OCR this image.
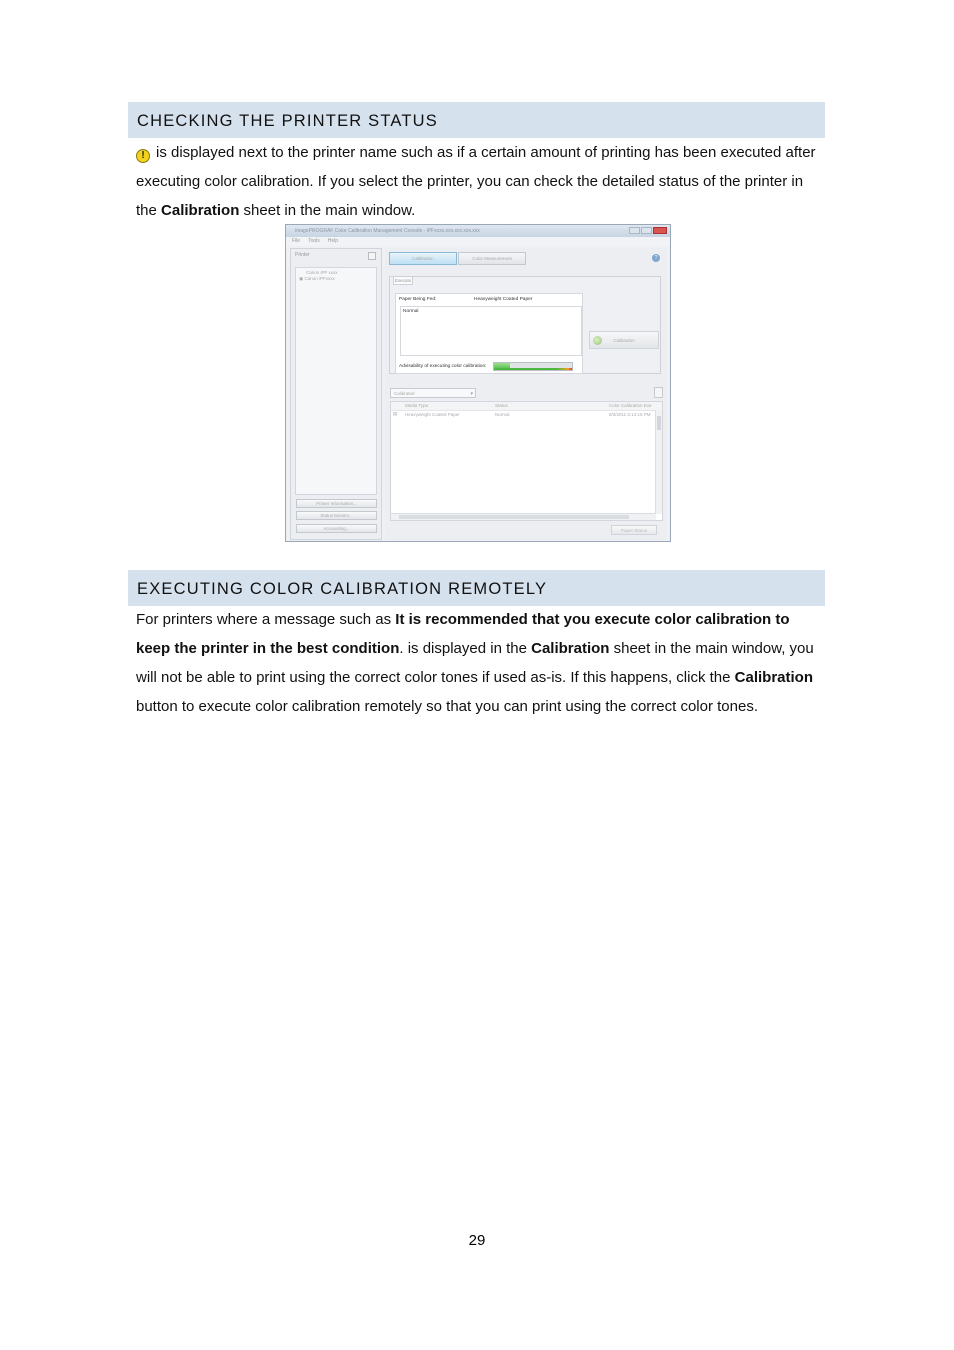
CHECKING THE PRINTER STATUS
! is displayed next to the printer name such as if a certain amount of printing has been executed after executing color calibration. If you select the printer, you can check the detailed status of the printer in the Calibration sheet in the main window.
imagePROGRAF Color Calibration Management Console - iPFxxxx.xxx.xxx.xxx.xxx
File Tools Help
Printer
Canon iPF xxxx
▣ Canon iPFxxxx
Printer Information...
Status Monitor...
Accounting...
Calibration	Color Measurement	?
Execute
Paper Being Fed:	Heavyweight Coated Paper
Normal
Advisability of executing color calibration:
Calibration
Calibrated	▾
Media Type	Status	Color Calibration Exe
▤ Heavyweight Coated Paper	Normal	8/3/2011 5:14:15 PM
Paper Status
EXECUTING COLOR CALIBRATION REMOTELY
For printers where a message such as It is recommended that you execute color calibration to keep the printer in the best condition. is displayed in the Calibration sheet in the main window, you will not be able to print using the correct color tones if used as-is. If this happens, click the Calibration button to execute color calibration remotely so that you can print using the correct color tones.
29
